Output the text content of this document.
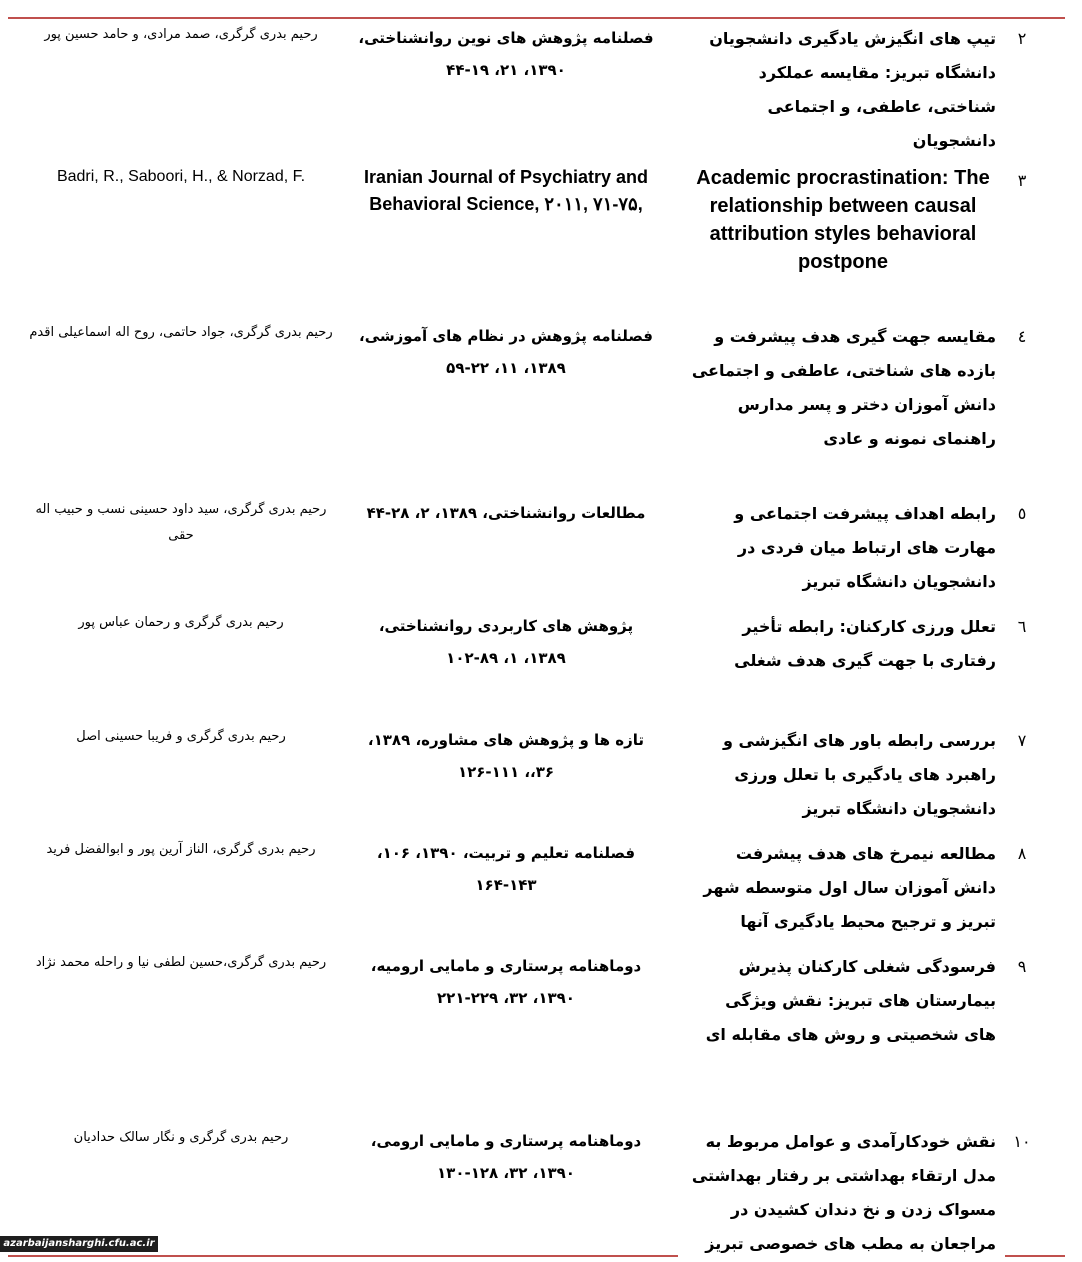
۲
تیپ های انگیزش یادگیری دانشجویان دانشگاه تبریز: مقایسه عملکرد شناختی، عاطفی، و اجتماعی دانشجویان
فصلنامه پژوهش های نوین روانشناختی، ۱۳۹۰، ۲۱، ۱۹-۴۴
رحیم بدری گرگری، صمد مرادی، و حامد حسین پور
۳
Academic procrastination: The relationship between causal attribution styles behavioral postpone
Iranian Journal of Psychiatry and Behavioral Science, ۲۰۱۱, ۷۱-۷۵,
Badri, R., Saboori, H., & Norzad, F.
٤
مقایسه جهت گیری هدف پیشرفت و بازده های شناختی، عاطفی و اجتماعی دانش آموزان دختر و پسر مدارس راهنمای نمونه و عادی
فصلنامه پژوهش در نظام های آموزشی، ۱۳۸۹، ۱۱، ۲۲-۵۹
رحیم بدری گرگری، جواد حاتمی، روح اله اسماعیلی اقدم
٥
رابطه اهداف پیشرفت اجتماعی و مهارت های ارتباط میان فردی در دانشجویان دانشگاه تبریز
مطالعات روانشناختی، ۱۳۸۹، ۲، ۲۸-۴۴
رحیم بدری گرگری، سید داود حسینی نسب و حبیب اله حقی
٦
تعلل ورزی کارکنان: رابطه تأخیر رفتاری با جهت گیری هدف شغلی
پژوهش های کاربردی روانشناختی، ۱۳۸۹، ۱، ۸۹-۱۰۲
رحیم بدری گرگری و رحمان عباس پور
۷
بررسی رابطه باور های انگیزشی و راهبرد های یادگیری با تعلل ورزی دانشجویان دانشگاه تبریز
تازه ها و پژوهش های مشاوره، ۱۳۸۹، ۳۶،، ۱۱۱-۱۲۶
رحیم بدری گرگری و فریبا حسینی اصل
۸
مطالعه نیمرخ های هدف پیشرفت دانش آموزان سال اول متوسطه شهر تبریز و ترجیح محیط یادگیری آنها
فصلنامه تعلیم و تربیت، ۱۳۹۰، ۱۰۶، ۱۴۳-۱۶۴
رحیم بدری گرگری، الناز آرین پور و ابوالفضل فرید
۹
فرسودگی شغلی کارکنان پذیرش بیمارستان های تبریز: نقش ویژگی های شخصیتی و روش های مقابله ای
دوماهنامه پرستاری و مامایی ارومیه، ۱۳۹۰، ۳۲، ۲۲۹-۲۲۱
رحیم بدری گرگری،حسین لطفی نیا و راحله محمد نژاد
۱۰
نقش خودکارآمدی و عوامل مربوط به مدل ارتقاء بهداشتی بر رفتار بهداشتی مسواک زدن و نخ دندان کشیدن در مراجعان به مطب های خصوصی تبریز
دوماهنامه پرستاری و مامایی ارومی، ۱۳۹۰، ۳۲، ۱۲۸-۱۳۰
رحیم بدری گرگری و نگار سالک حدادیان
azarbaijansharghi.cfu.ac.ir
